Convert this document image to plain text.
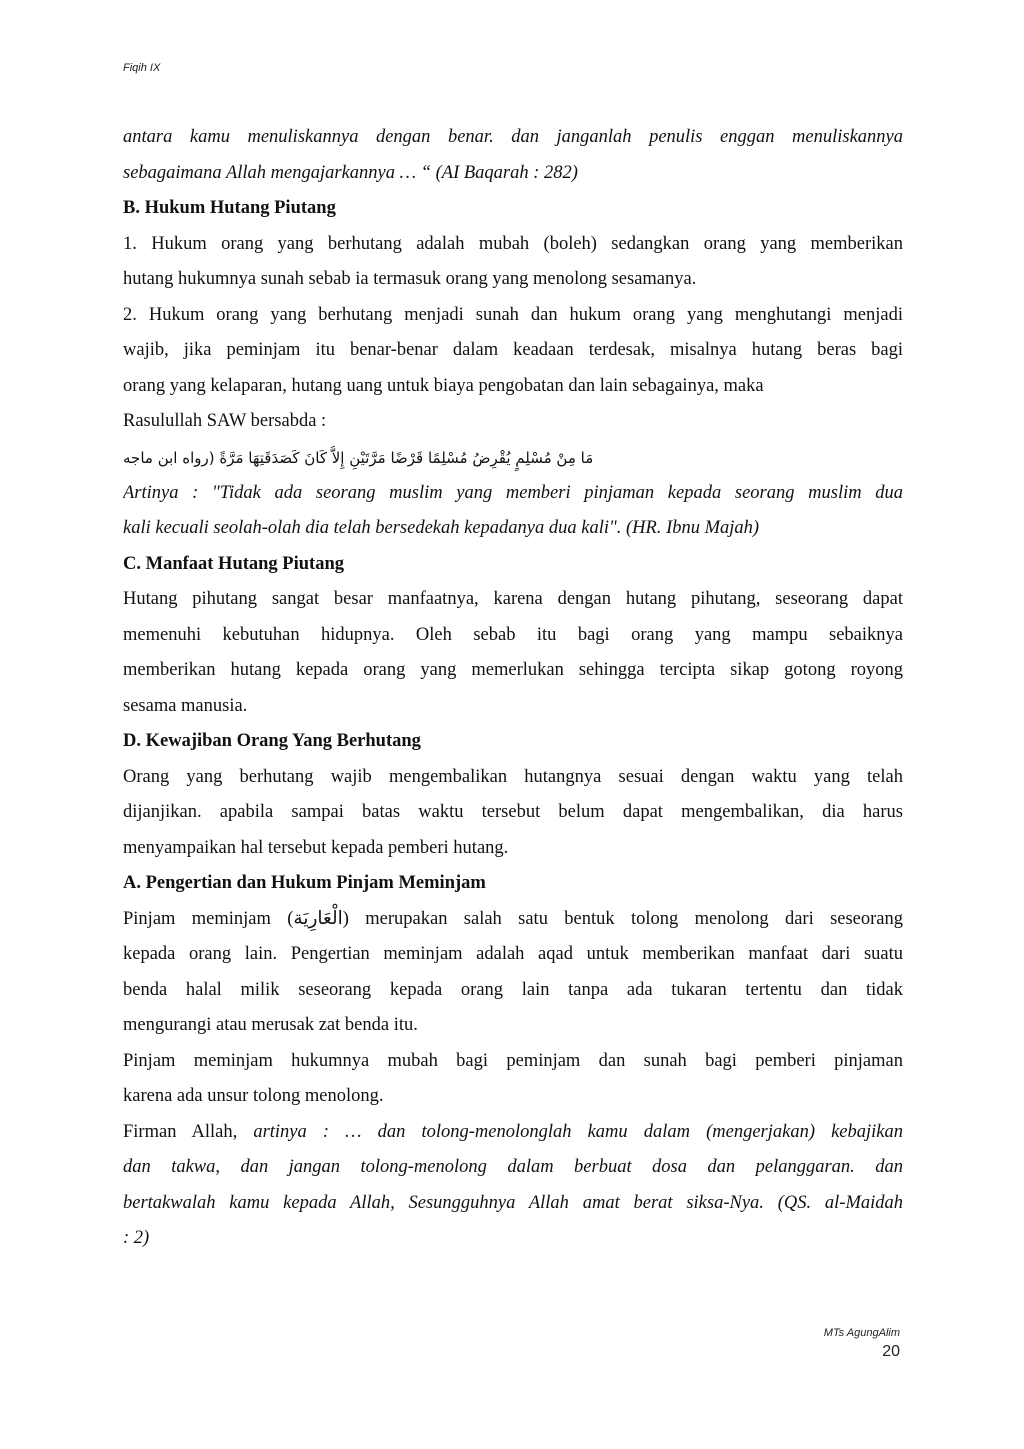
Fiqih IX
antara kamu menuliskannya dengan benar. dan janganlah penulis enggan menuliskannya
sebagaimana Allah mengajarkannya … “ (AI Baqarah : 282)
B. Hukum Hutang Piutang
1. Hukum orang yang berhutang adalah mubah (boleh) sedangkan orang yang memberikan
hutang hukumnya sunah sebab ia termasuk orang yang menolong sesamanya.
2. Hukum orang yang berhutang menjadi sunah dan hukum orang yang menghutangi menjadi
wajib, jika peminjam itu benar-benar dalam keadaan terdesak, misalnya hutang beras bagi
orang yang kelaparan, hutang uang untuk biaya pengobatan dan lain sebagainya, maka
Rasulullah SAW bersabda :
مَا مِنْ مُسْلِمٍ يُقْرِضُ مُسْلِمًا قَرْضًا مَرَّتَيْنِ إِلاَّ كَانَ كَصَدَقَتِهَا مَرَّةً (رواه ابن ماجه
Artinya : "Tidak ada seorang muslim yang memberi pinjaman kepada seorang muslim dua
kali kecuali seolah-olah dia telah bersedekah kepadanya dua kali". (HR. Ibnu Majah)
C. Manfaat Hutang Piutang
Hutang pihutang sangat besar manfaatnya, karena dengan hutang pihutang, seseorang dapat
memenuhi kebutuhan hidupnya. Oleh sebab itu bagi orang yang mampu sebaiknya
memberikan hutang kepada orang yang memerlukan sehingga tercipta sikap gotong royong
sesama manusia.
D. Kewajiban Orang Yang Berhutang
Orang yang berhutang wajib mengembalikan hutangnya sesuai dengan waktu yang telah
dijanjikan. apabila sampai batas waktu tersebut belum dapat mengembalikan, dia harus
menyampaikan hal tersebut kepada pemberi hutang.
A. Pengertian dan Hukum Pinjam Meminjam
Pinjam meminjam (الْعَارِيَة) merupakan salah satu bentuk tolong menolong dari seseorang
kepada orang lain. Pengertian meminjam adalah aqad untuk memberikan manfaat dari suatu
benda halal milik seseorang kepada orang lain tanpa ada tukaran tertentu dan tidak
mengurangi atau merusak zat benda itu.
Pinjam meminjam hukumnya mubah bagi peminjam dan sunah bagi pemberi pinjaman
karena ada unsur tolong menolong.
Firman Allah, artinya : … dan tolong-menolonglah kamu dalam (mengerjakan) kebajikan
dan takwa, dan jangan tolong-menolong dalam berbuat dosa dan pelanggaran. dan
bertakwalah kamu kepada Allah, Sesungguhnya Allah amat berat siksa-Nya. (QS. al-Maidah
: 2)
MTs AgungAlim
20
